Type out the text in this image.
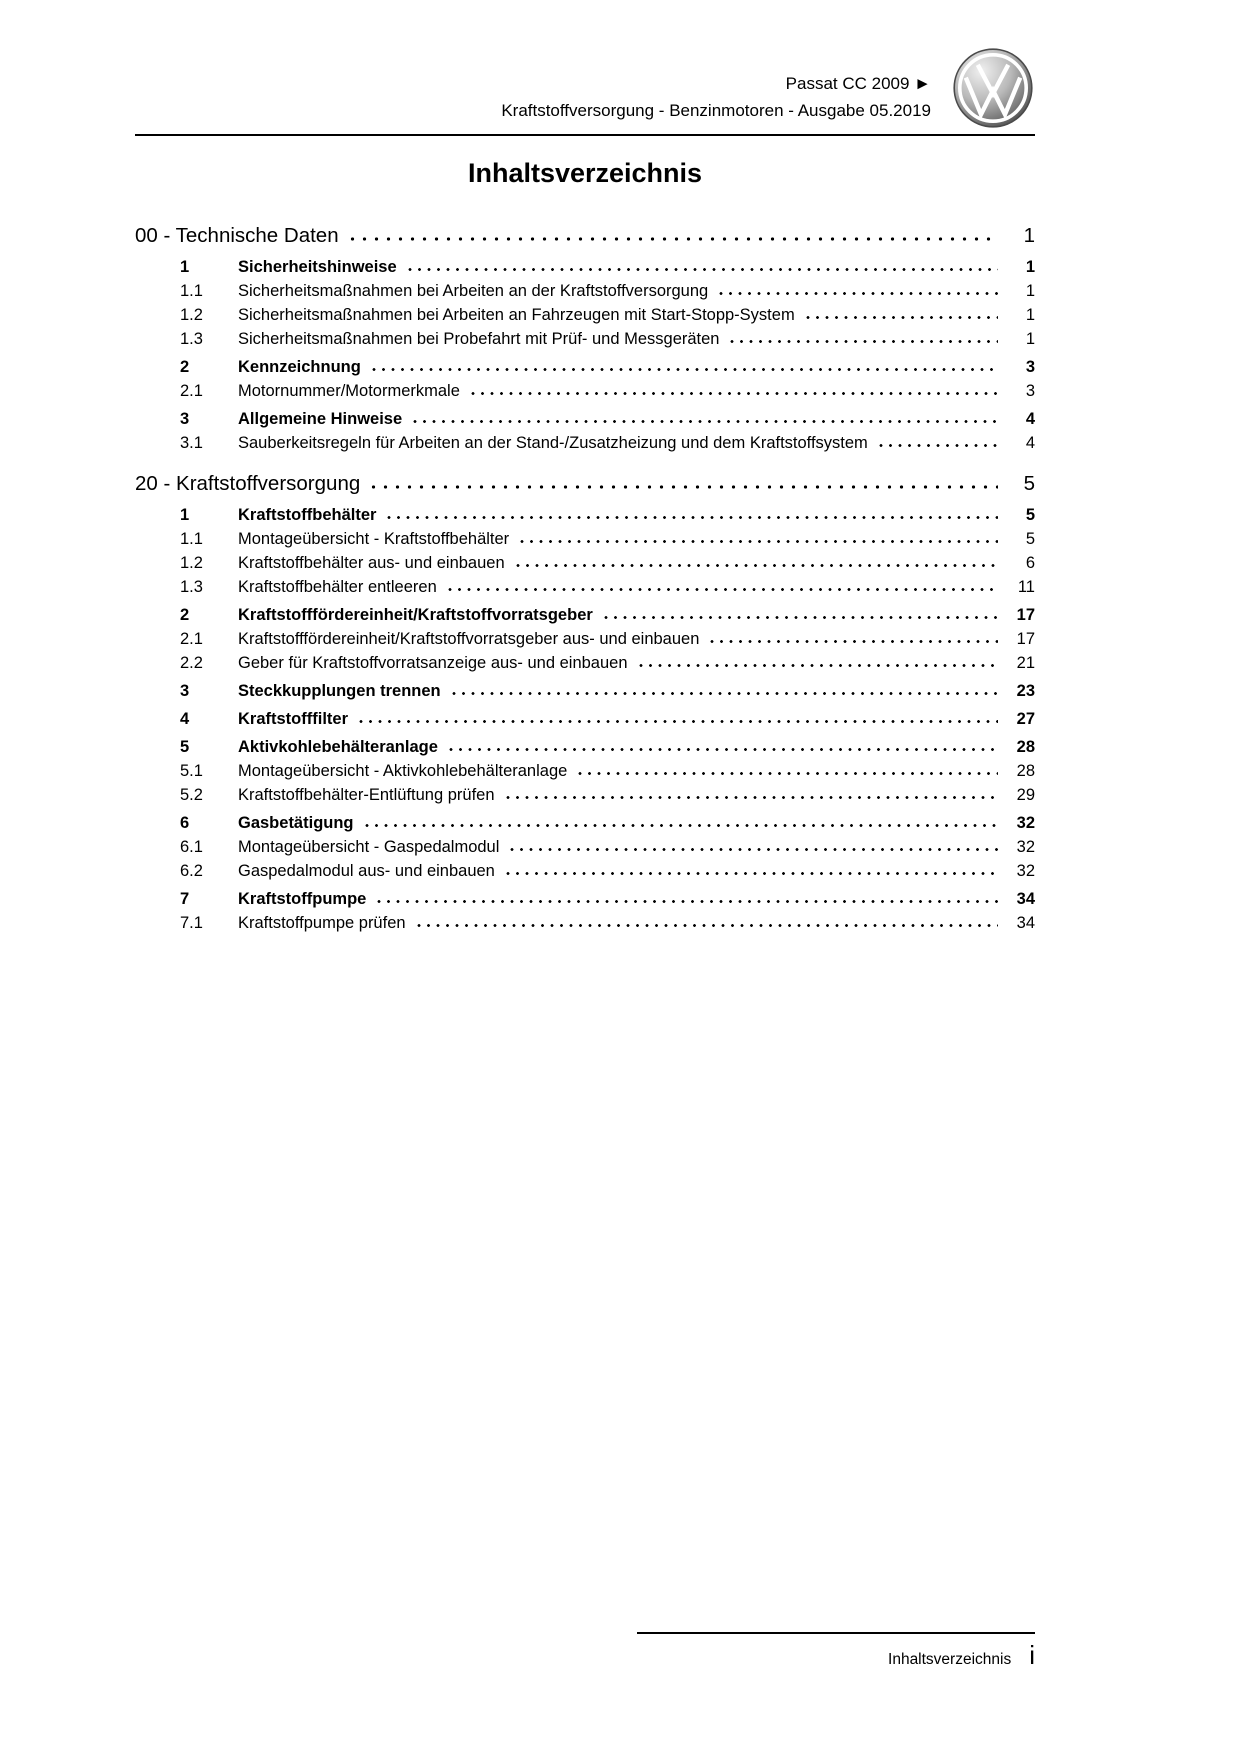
Passat CC 2009 ►
Kraftstoffversorgung - Benzinmotoren - Ausgabe 05.2019
Inhaltsverzeichnis
00 - Technische Daten	1
1	Sicherheitshinweise	1
1.1	Sicherheitsmaßnahmen bei Arbeiten an der Kraftstoffversorgung	1
1.2	Sicherheitsmaßnahmen bei Arbeiten an Fahrzeugen mit Start-Stopp-System	1
1.3	Sicherheitsmaßnahmen bei Probefahrt mit Prüf- und Messgeräten	1
2	Kennzeichnung	3
2.1	Motornummer/Motormerkmale	3
3	Allgemeine Hinweise	4
3.1	Sauberkeitsregeln für Arbeiten an der Stand-/Zusatzheizung und dem Kraftstoffsystem	4
20 - Kraftstoffversorgung	5
1	Kraftstoffbehälter	5
1.1	Montageübersicht - Kraftstoffbehälter	5
1.2	Kraftstoffbehälter aus- und einbauen	6
1.3	Kraftstoffbehälter entleeren	11
2	Kraftstofffördereinheit/Kraftstoffvorratsgeber	17
2.1	Kraftstofffördereinheit/Kraftstoffvorratsgeber aus- und einbauen	17
2.2	Geber für Kraftstoffvorratsanzeige aus- und einbauen	21
3	Steckkupplungen trennen	23
4	Kraftstofffilter	27
5	Aktivkohlebehälteranlage	28
5.1	Montageübersicht - Aktivkohlebehälteranlage	28
5.2	Kraftstoffbehälter-Entlüftung prüfen	29
6	Gasbetätigung	32
6.1	Montageübersicht - Gaspedalmodul	32
6.2	Gaspedalmodul aus- und einbauen	32
7	Kraftstoffpumpe	34
7.1	Kraftstoffpumpe prüfen	34
Inhaltsverzeichnis i
